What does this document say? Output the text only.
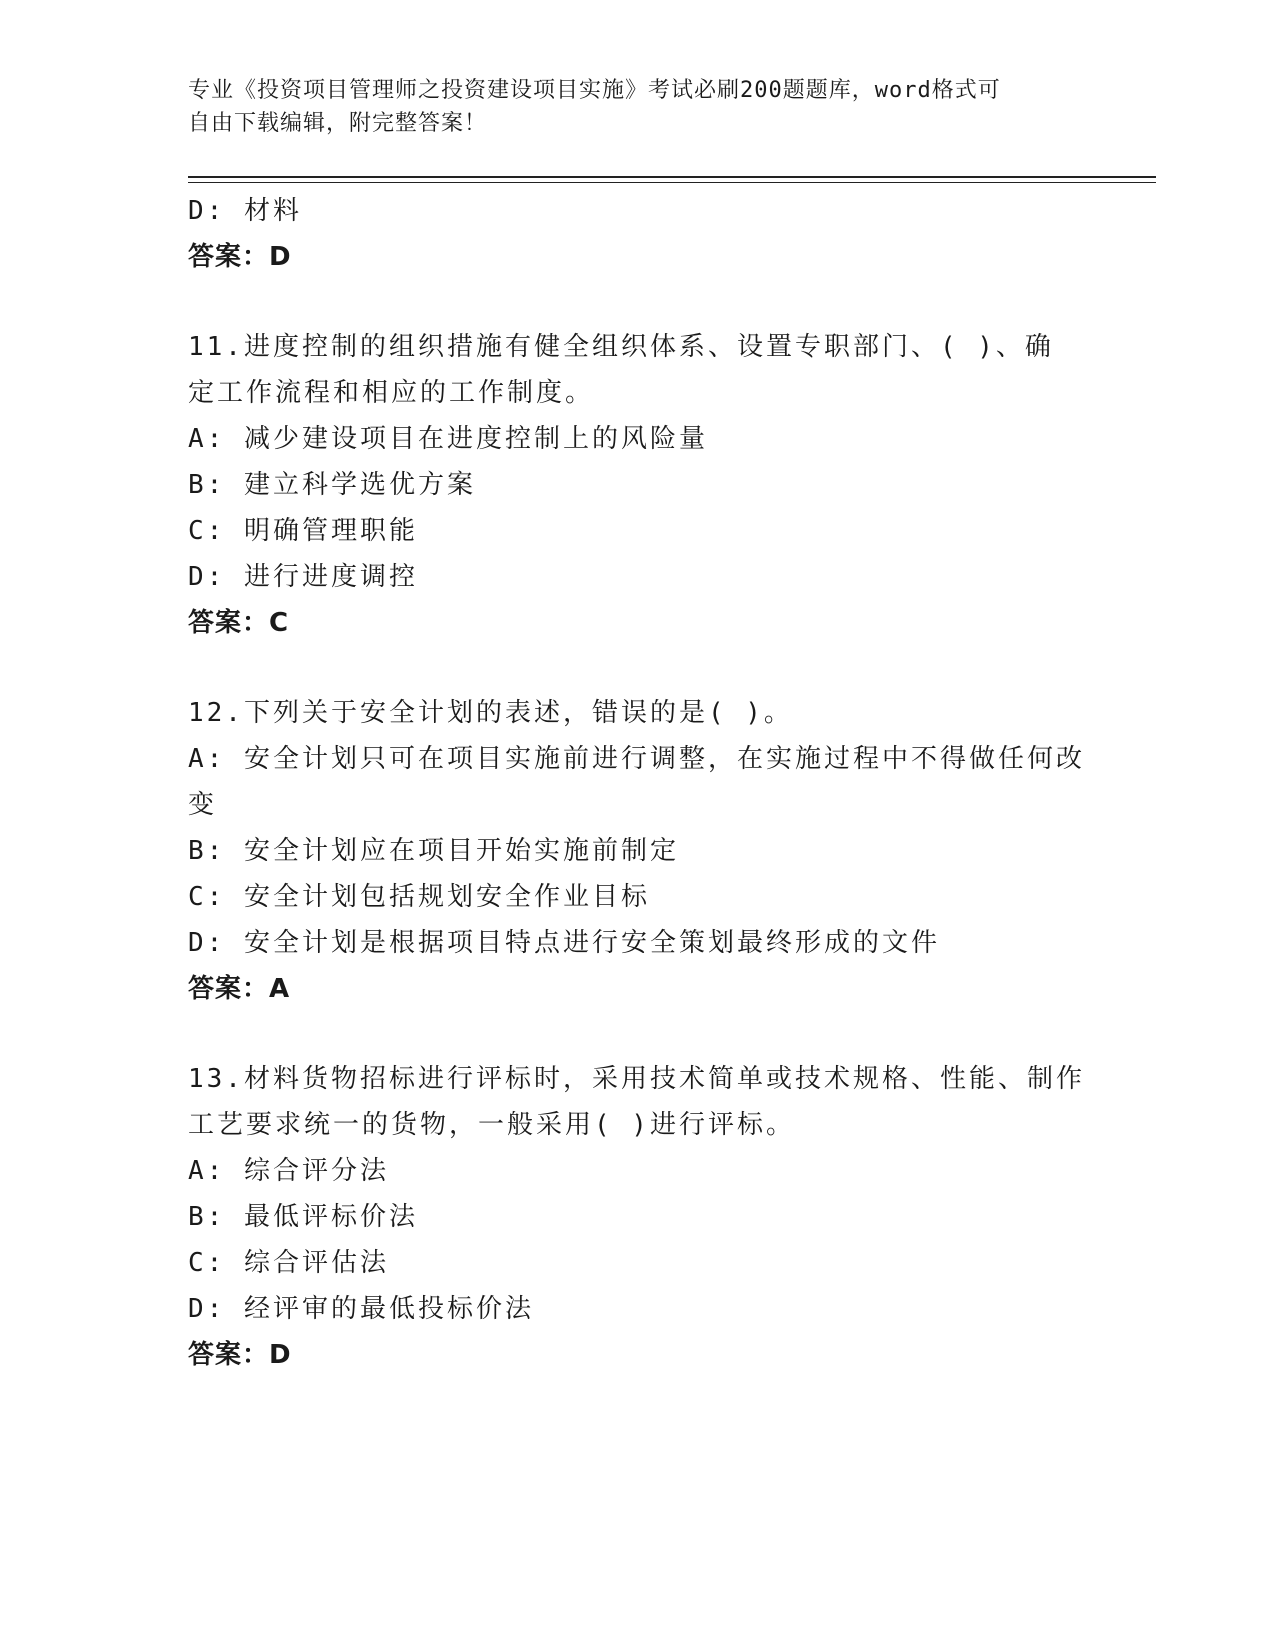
专业《投资项目管理师之投资建设项目实施》考试必刷200题题库，word格式可
自由下载编辑，附完整答案！
D: 材料
答案：D
11.进度控制的组织措施有健全组织体系、设置专职部门、( )、确
定工作流程和相应的工作制度。
A: 减少建设项目在进度控制上的风险量
B: 建立科学选优方案
C: 明确管理职能
D: 进行进度调控
答案：C
12.下列关于安全计划的表述，错误的是( )。
A: 安全计划只可在项目实施前进行调整，在实施过程中不得做任何改
变
B: 安全计划应在项目开始实施前制定
C: 安全计划包括规划安全作业目标
D: 安全计划是根据项目特点进行安全策划最终形成的文件
答案：A
13.材料货物招标进行评标时，采用技术简单或技术规格、性能、制作
工艺要求统一的货物，一般采用( )进行评标。
A: 综合评分法
B: 最低评标价法
C: 综合评估法
D: 经评审的最低投标价法
答案：D
